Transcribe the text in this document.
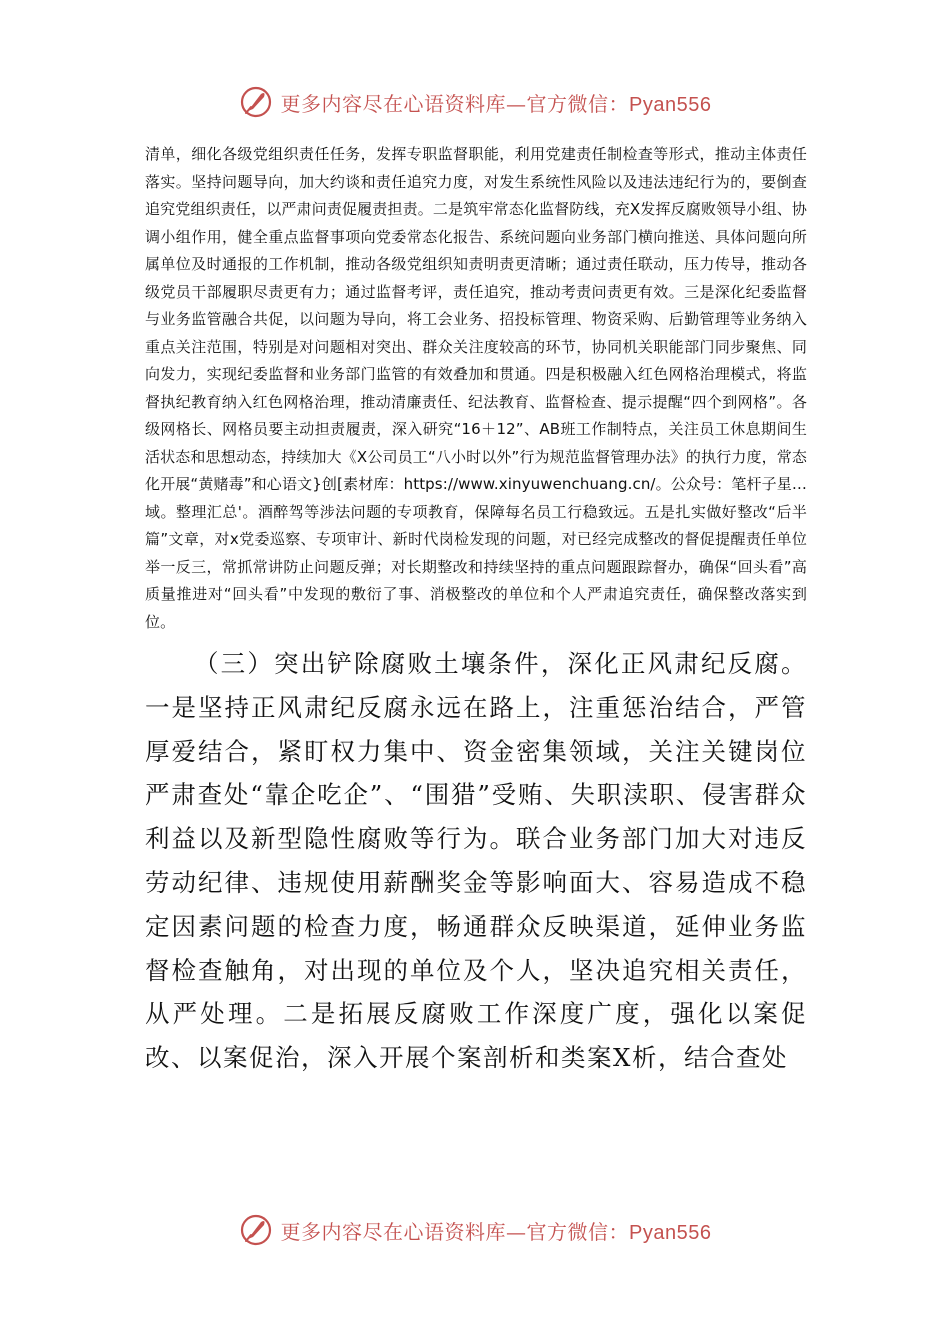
更多内容尽在心语资料库—官方微信：Pyan556

清单，细化各级党组织责任任务，发挥专职监督职能，利用党建责任制检查等形式，推动主体责任落实。坚持问题导向，加大约谈和责任追究力度，对发生系统性风险以及违法违纪行为的，要倒查追究党组织责任，以严肃问责促履责担责。二是筑牢常态化监督防线，充X发挥反腐败领导小组、协调小组作用，健全重点监督事项向党委常态化报告、系统问题向业务部门横向推送、具体问题向所属单位及时通报的工作机制，推动各级党组织知责明责更清晰；通过责任联动，压力传导，推动各级党员干部履职尽责更有力；通过监督考评，责任追究，推动考责问责更有效。三是深化纪委监督与业务监管融合共促，以问题为导向，将工会业务、招投标管理、物资采购、后勤管理等业务纳入重点关注范围，特别是对问题相对突出、群众关注度较高的环节，协同机关职能部门同步聚焦、同向发力，实现纪委监督和业务部门监管的有效叠加和贯通。四是积极融入红色网格治理模式，将监督执纪教育纳入红色网格治理，推动清廉责任、纪法教育、监督检查、提示提醒“四个到网格”。各级网格长、网格员要主动担责履责，深入研究“16＋12”、AB班工作制特点，关注员工休息期间生活状态和思想动态，持续加大《X公司员工“八小时以外”行为规范监督管理办法》的执行力度，常态化开展“黄赌毒”和心语文}创[素材库：https://www.xinyuwenchuang.cn/。公众号：笔杆子星…域。整理汇总'。酒醉驾等涉法问题的专项教育，保障每名员工行稳致远。五是扎实做好整改“后半篇”文章，对x党委巡察、专项审计、新时代岗检发现的问题，对已经完成整改的督促提醒责任单位举一反三，常抓常讲防止问题反弹；对长期整改和持续坚持的重点问题跟踪督办，确保“回头看”高质量推进对“回头看”中发现的敷衍了事、消极整改的单位和个人严肃追究责任，确保整改落实到位。

（三）突出铲除腐败土壤条件，深化正风肃纪反腐。一是坚持正风肃纪反腐永远在路上，注重惩治结合，严管厚爱结合，紧盯权力集中、资金密集领域，关注关键岗位严肃查处“靠企吃企”、“围猎”受贿、失职渎职、侵害群众利益以及新型隐性腐败等行为。联合业务部门加大对违反劳动纪律、违规使用薪酬奖金等影响面大、容易造成不稳定因素问题的检查力度，畅通群众反映渠道，延伸业务监督检查触角，对出现的单位及个人，坚决追究相关责任，从严处理。二是拓展反腐败工作深度广度，强化以案促改、以案促治，深入开展个案剖析和类案X析，结合查处

更多内容尽在心语资料库—官方微信：Pyan556
